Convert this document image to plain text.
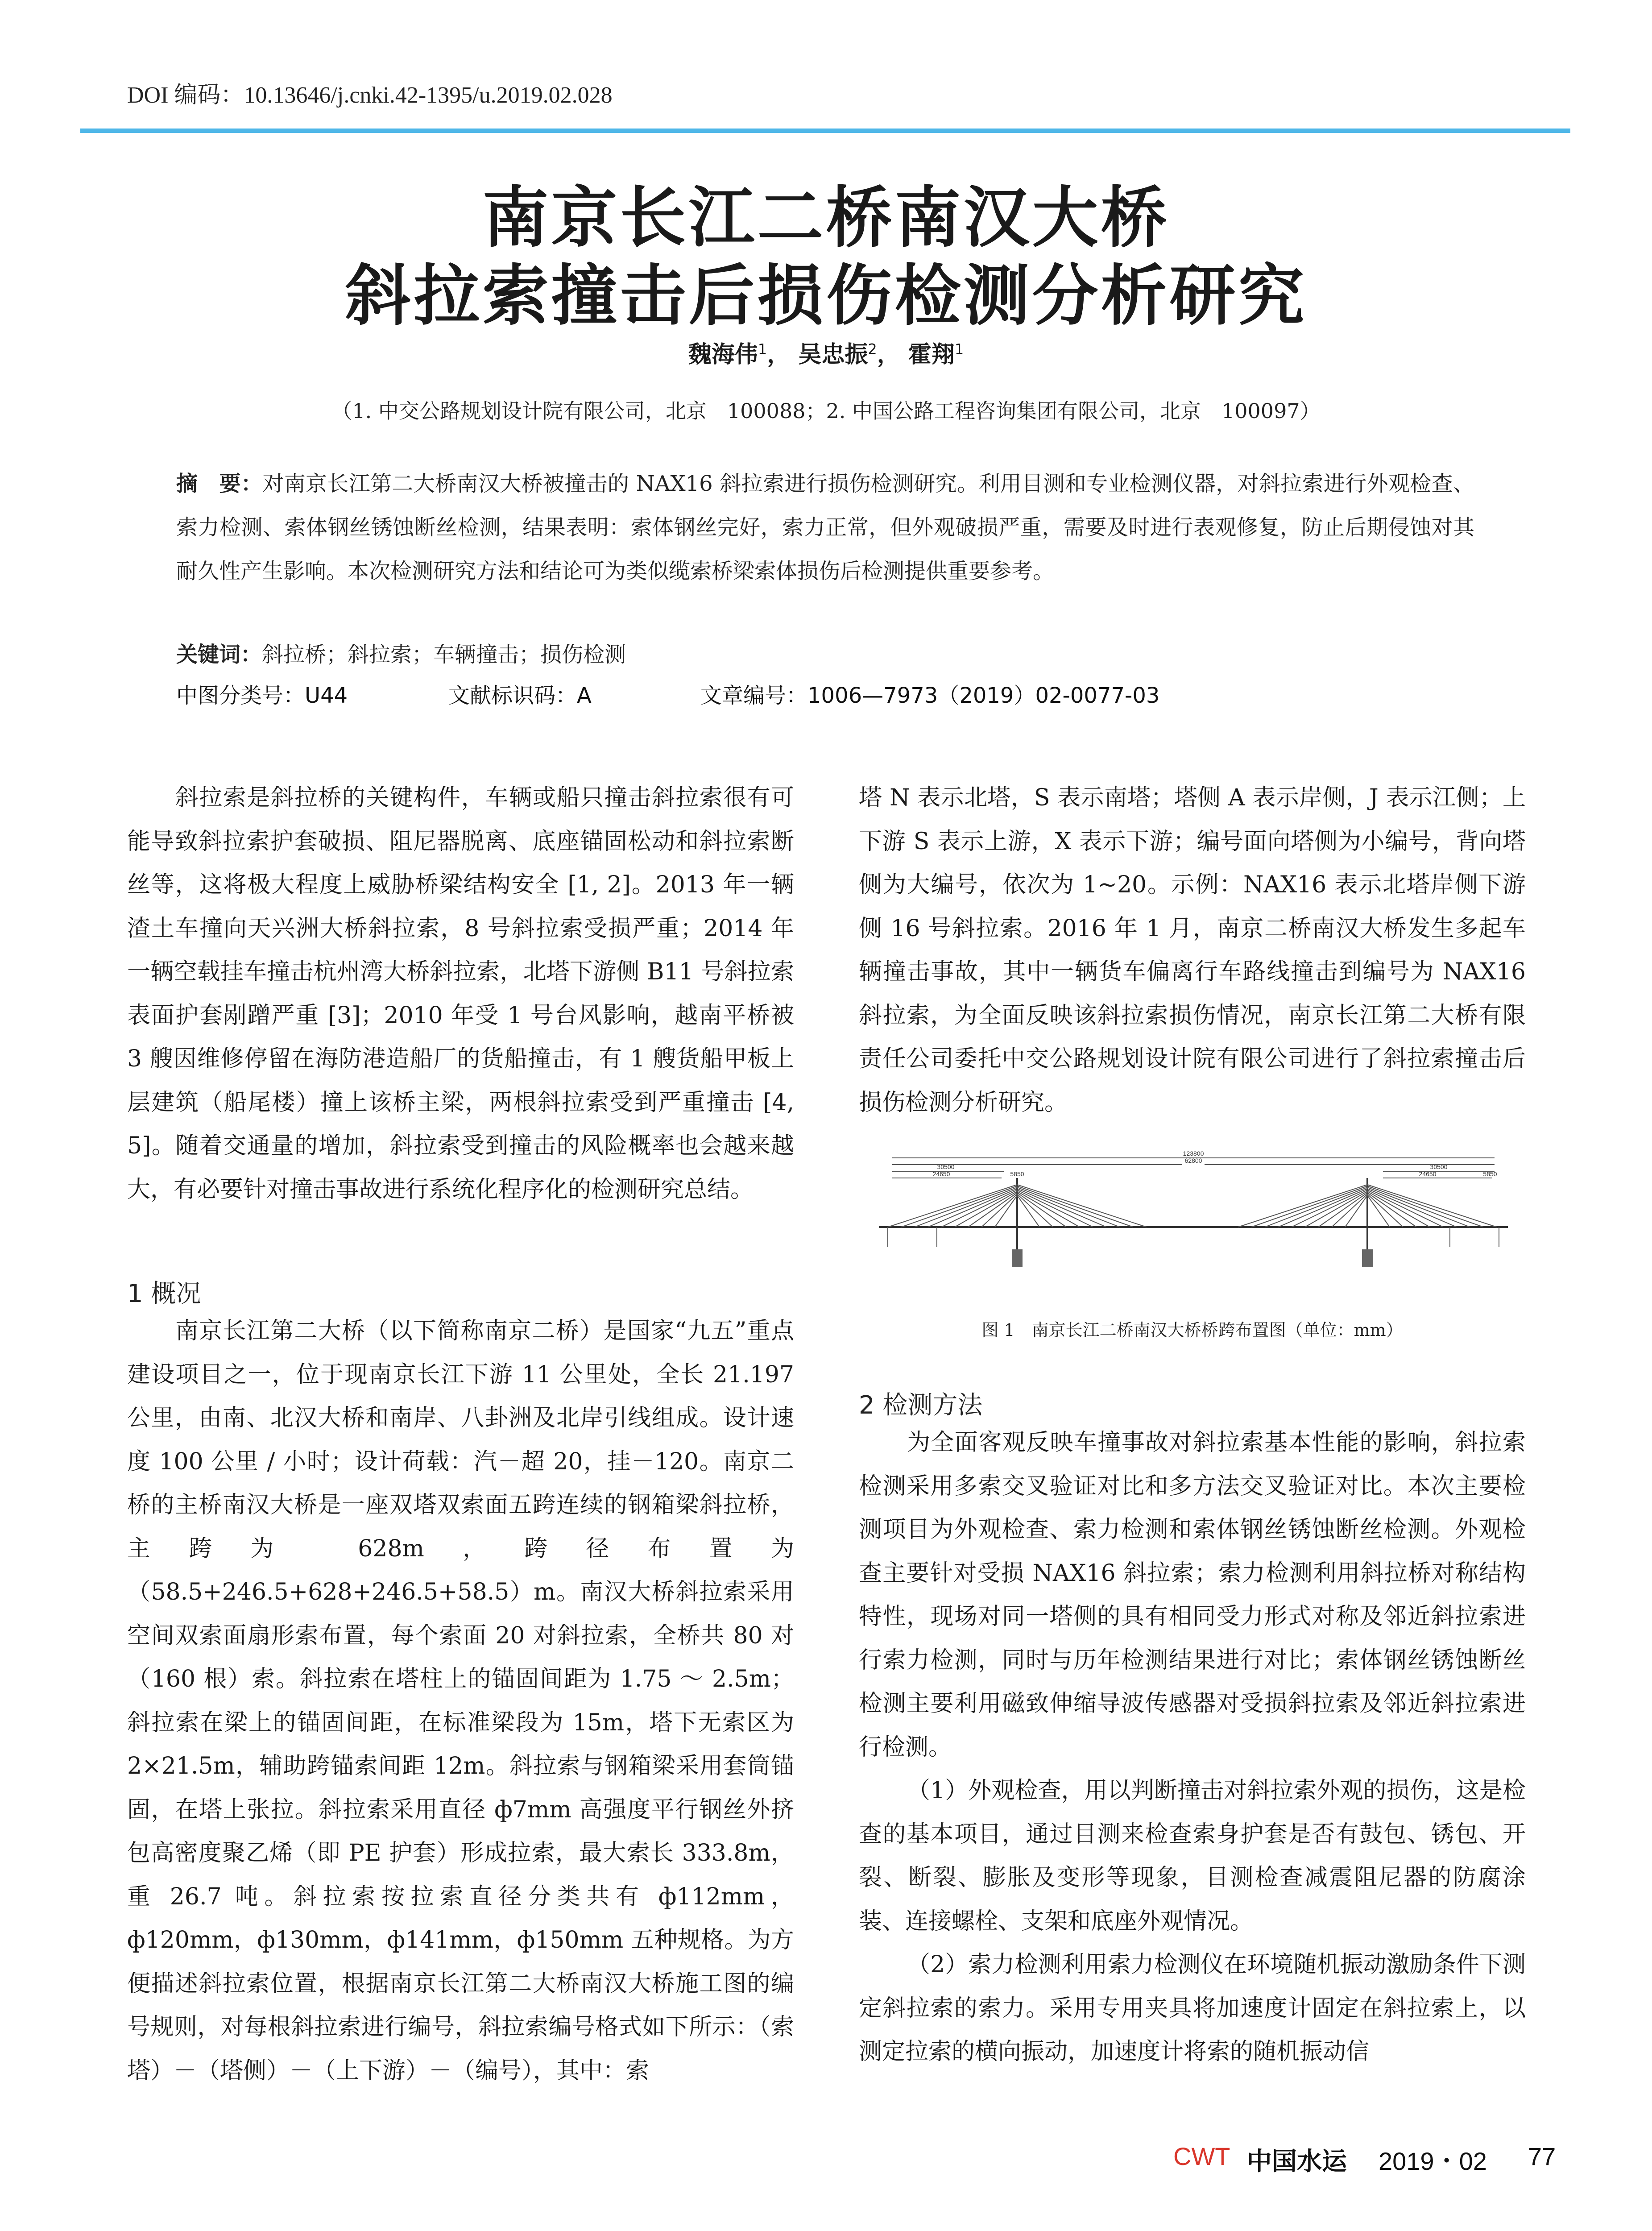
DOI 编码：10.13646/j.cnki.42-1395/u.2019.02.028
南京长江二桥南汉大桥
斜拉索撞击后损伤检测分析研究
魏海伟$^1$， 吴忠振$^2$， 霍翔$^1$
（1. 中交公路规划设计院有限公司，北京　100088；2. 中国公路工程咨询集团有限公司，北京　100097）
摘　要：对南京长江第二大桥南汉大桥被撞击的 NAX16 斜拉索进行损伤检测研究。利用目测和专业检测仪器，对斜拉索进行外观检查、索力检测、索体钢丝锈蚀断丝检测，结果表明：索体钢丝完好，索力正常，但外观破损严重，需要及时进行表观修复，防止后期侵蚀对其耐久性产生影响。本次检测研究方法和结论可为类似缆索桥梁索体损伤后检测提供重要参考。
关键词：斜拉桥；斜拉索；车辆撞击；损伤检测
中图分类号：U44	文献标识码：A	文章编号：1006—7973（2019）02-0077-03

斜拉索是斜拉桥的关键构件，车辆或船只撞击斜拉索很有可能导致斜拉索护套破损、阻尼器脱离、底座锚固松动和斜拉索断丝等，这将极大程度上威胁桥梁结构安全 [1, 2]。2013 年一辆渣土车撞向天兴洲大桥斜拉索，8 号斜拉索受损严重；2014 年一辆空载挂车撞击杭州湾大桥斜拉索，北塔下游侧 B11 号斜拉索表面护套剐蹭严重 [3]；2010 年受 1 号台风影响，越南平桥被 3 艘因维修停留在海防港造船厂的货船撞击，有 1 艘货船甲板上层建筑（船尾楼）撞上该桥主梁，两根斜拉索受到严重撞击 [4, 5]。随着交通量的增加，斜拉索受到撞击的风险概率也会越来越大，有必要针对撞击事故进行系统化程序化的检测研究总结。

1 概况

南京长江第二大桥（以下简称南京二桥）是国家“九五”重点建设项目之一，位于现南京长江下游 11 公里处，全长 21.197 公里，由南、北汉大桥和南岸、八卦洲及北岸引线组成。设计速度 100 公里 / 小时；设计荷载：汽－超 20，挂－120。南京二桥的主桥南汉大桥是一座双塔双索面五跨连续的钢箱梁斜拉桥，主跨为 628m，跨径布置为（58.5+246.5+628+246.5+58.5）m。南汉大桥斜拉索采用空间双索面扇形索布置，每个索面 20 对斜拉索，全桥共 80 对（160 根）索。斜拉索在塔柱上的锚固间距为 1.75 ～ 2.5m；斜拉索在梁上的锚固间距，在标准梁段为 15m，塔下无索区为 2×21.5m，辅助跨锚索间距 12m。斜拉索与钢箱梁采用套筒锚固，在塔上张拉。斜拉索采用直径 ф7mm 高强度平行钢丝外挤包高密度聚乙烯（即 PE 护套）形成拉索，最大索长 333.8m，重 26.7 吨。斜拉索按拉索直径分类共有 ф112mm，ф120mm，ф130mm，ф141mm，ф150mm 五种规格。为方便描述斜拉索位置，根据南京长江第二大桥南汉大桥施工图的编号规则，对每根斜拉索进行编号，斜拉索编号格式如下所示：（索塔）－（塔侧）－（上下游）－（编号），其中：索

塔 N 表示北塔，S 表示南塔；塔侧 A 表示岸侧，J 表示江侧；上下游 S 表示上游，X 表示下游；编号面向塔侧为小编号，背向塔侧为大编号，依次为 1~20。示例：NAX16 表示北塔岸侧下游侧 16 号斜拉索。2016 年 1 月，南京二桥南汉大桥发生多起车辆撞击事故，其中一辆货车偏离行车路线撞击到编号为 NAX16 斜拉索，为全面反映该斜拉索损伤情况，南京长江第二大桥有限责任公司委托中交公路规划设计院有限公司进行了斜拉索撞击后损伤检测分析研究。

123800
62800
30500	30500
24650	5850	24650	5850
图 1　南京长江二桥南汉大桥桥跨布置图（单位：mm）
2 检测方法

为全面客观反映车撞事故对斜拉索基本性能的影响，斜拉索检测采用多索交叉验证对比和多方法交叉验证对比。本次主要检测项目为外观检查、索力检测和索体钢丝锈蚀断丝检测。外观检查主要针对受损 NAX16 斜拉索；索力检测利用斜拉桥对称结构特性，现场对同一塔侧的具有相同受力形式对称及邻近斜拉索进行索力检测，同时与历年检测结果进行对比；索体钢丝锈蚀断丝检测主要利用磁致伸缩导波传感器对受损斜拉索及邻近斜拉索进行检测。

（1）外观检查，用以判断撞击对斜拉索外观的损伤，这是检查的基本项目，通过目测来检查索身护套是否有鼓包、锈包、开裂、断裂、膨胀及变形等现象，目测检查减震阻尼器的防腐涂装、连接螺栓、支架和底座外观情况。

（2）索力检测利用索力检测仪在环境随机振动激励条件下测定斜拉索的索力。采用专用夹具将加速度计固定在斜拉索上，以测定拉索的横向振动，加速度计将索的随机振动信

CWT 中国水运 2019・02 77
